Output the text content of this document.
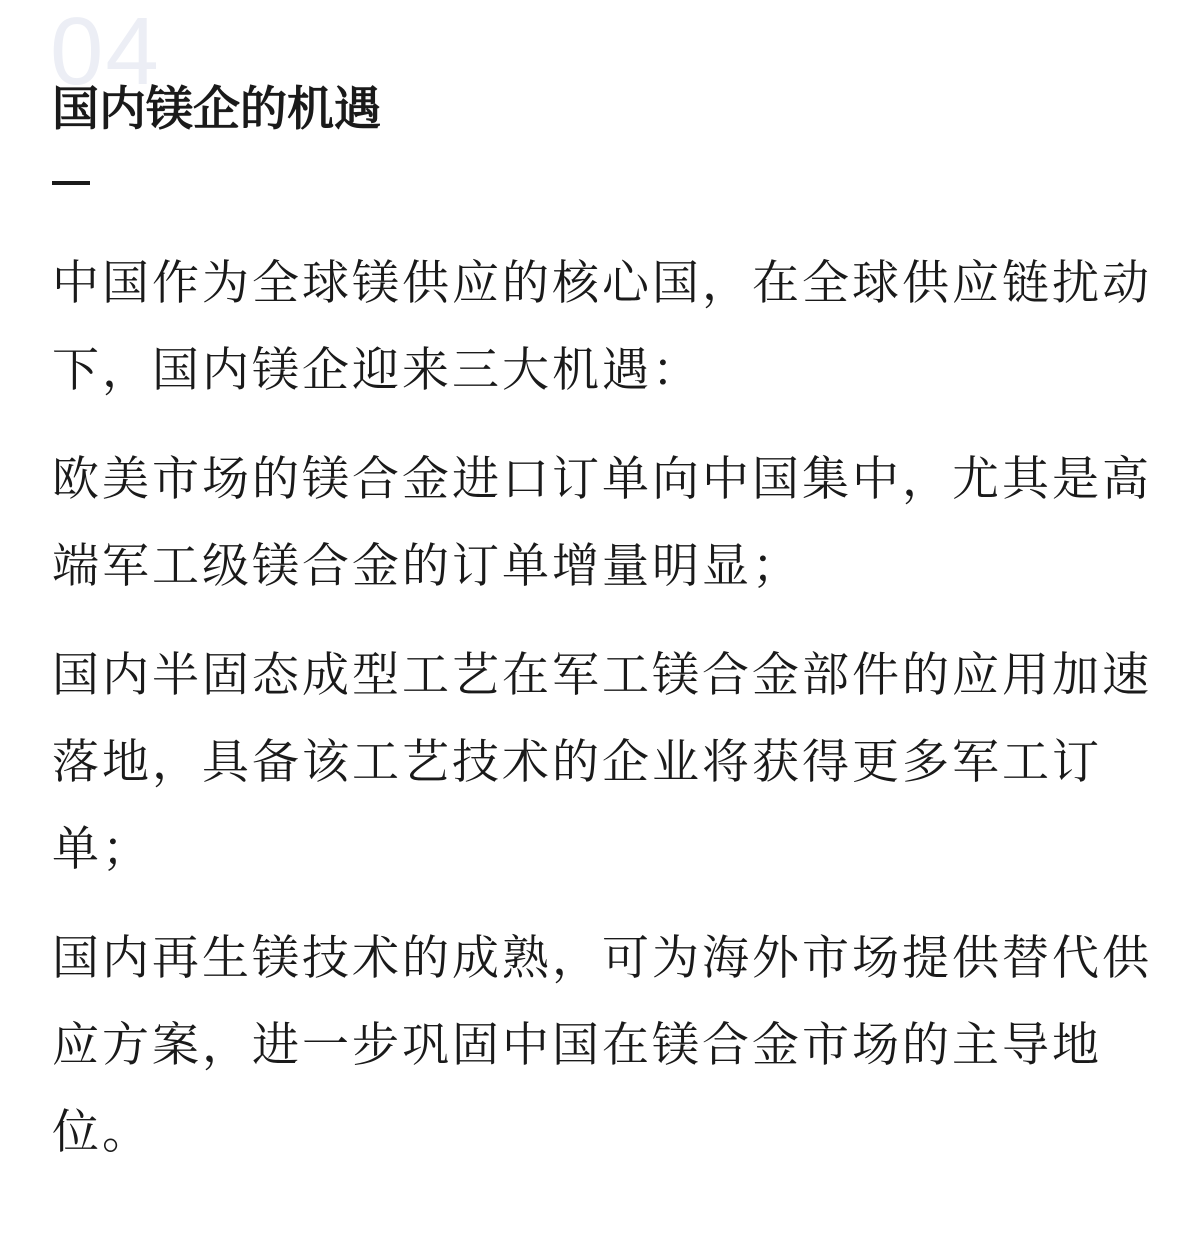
04
国内镁企的机遇

中国作为全球镁供应的核心国，在全球供应链扰动下，国内镁企迎来三大机遇：

欧美市场的镁合金进口订单向中国集中，尤其是高端军工级镁合金的订单增量明显；

国内半固态成型工艺在军工镁合金部件的应用加速落地，具备该工艺技术的企业将获得更多军工订单；

国内再生镁技术的成熟，可为海外市场提供替代供应方案，进一步巩固中国在镁合金市场的主导地位。
